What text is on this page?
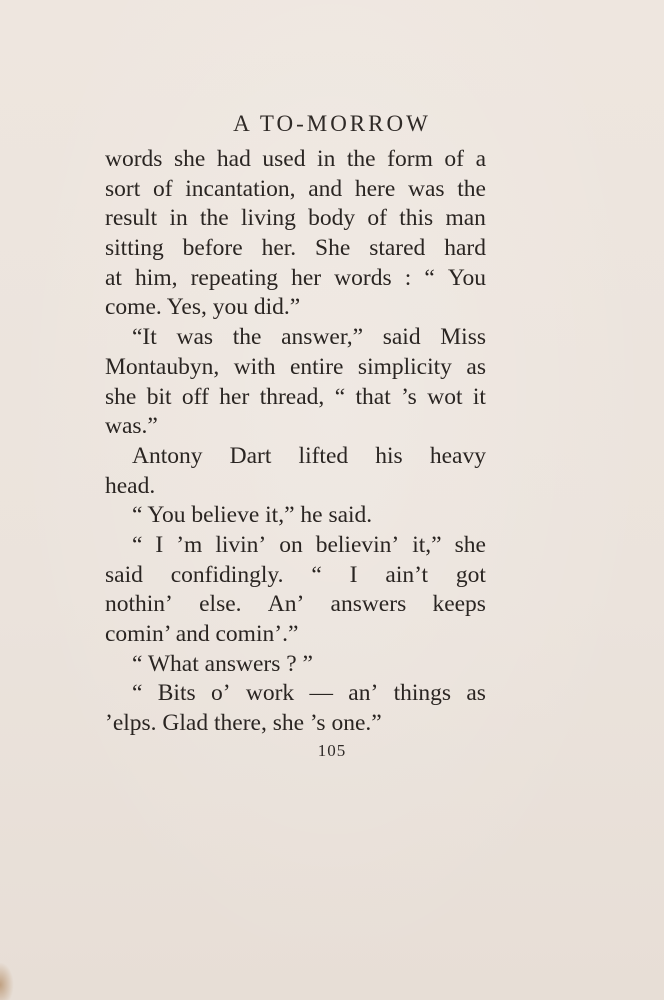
A TO-MORROW
words she had used in the form of a
sort of incantation, and here was the
result in the living body of this man
sitting before her. She stared hard
at him, repeating her words : “ You
come. Yes, you did.”
“It was the answer,” said Miss
Montaubyn, with entire simplicity as
she bit off her thread, “ that ’s wot it
was.”
Antony Dart lifted his heavy
head.
“ You believe it,” he said.
“ I ’m livin’ on believin’ it,” she
said confidingly. “ I ain’t got
nothin’ else. An’ answers keeps
comin’ and comin’.”
“ What answers ? ”
“ Bits o’ work — an’ things as
’elps. Glad there, she ’s one.”
105
